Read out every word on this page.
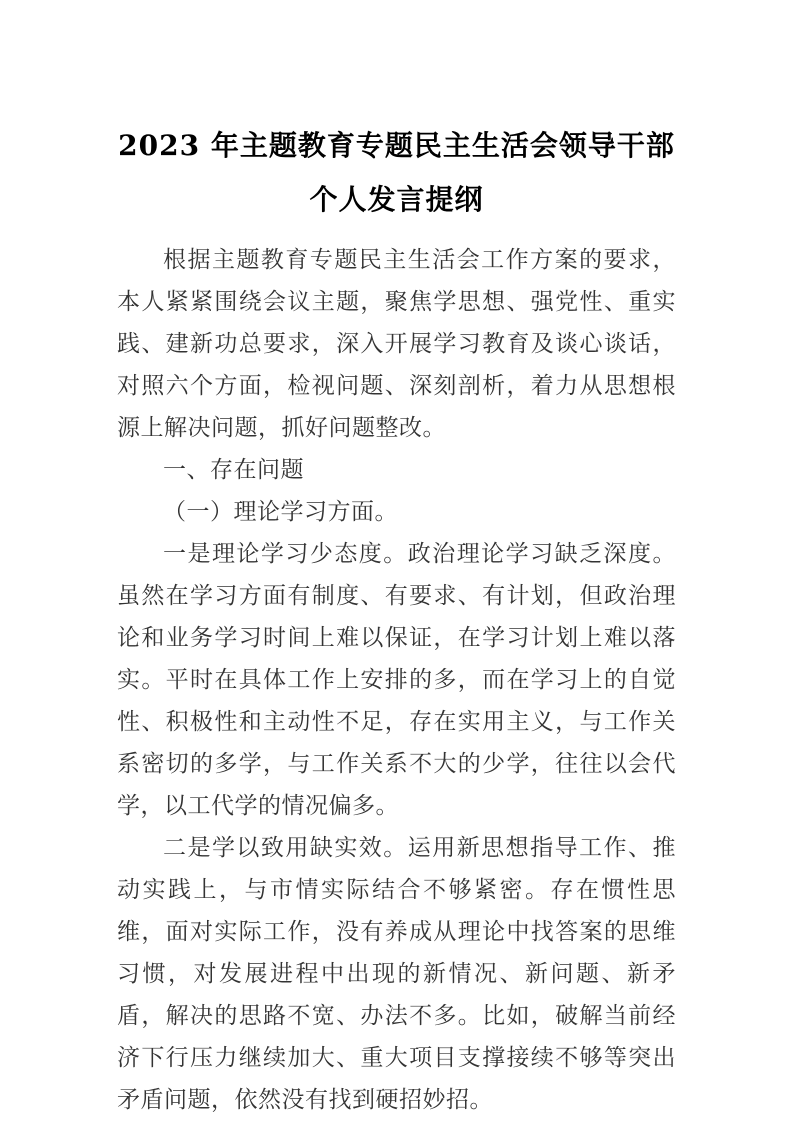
2023 年主题教育专题民主生活会领导干部
个人发言提纲

根据主题教育专题民主生活会工作方案的要求，本人紧紧围绕会议主题，聚焦学思想、强党性、重实践、建新功总要求，深入开展学习教育及谈心谈话，对照六个方面，检视问题、深刻剖析，着力从思想根源上解决问题，抓好问题整改。

一、存在问题

（一）理论学习方面。

一是理论学习少态度。政治理论学习缺乏深度。虽然在学习方面有制度、有要求、有计划，但政治理论和业务学习时间上难以保证，在学习计划上难以落实。平时在具体工作上安排的多，而在学习上的自觉性、积极性和主动性不足，存在实用主义，与工作关系密切的多学，与工作关系不大的少学，往往以会代学，以工代学的情况偏多。

二是学以致用缺实效。运用新思想指导工作、推动实践上，与市情实际结合不够紧密。存在惯性思维，面对实际工作，没有养成从理论中找答案的思维习惯，对发展进程中出现的新情况、新问题、新矛盾，解决的思路不宽、办法不多。比如，破解当前经济下行压力继续加大、重大项目支撑接续不够等突出矛盾问题，依然没有找到硬招妙招。
